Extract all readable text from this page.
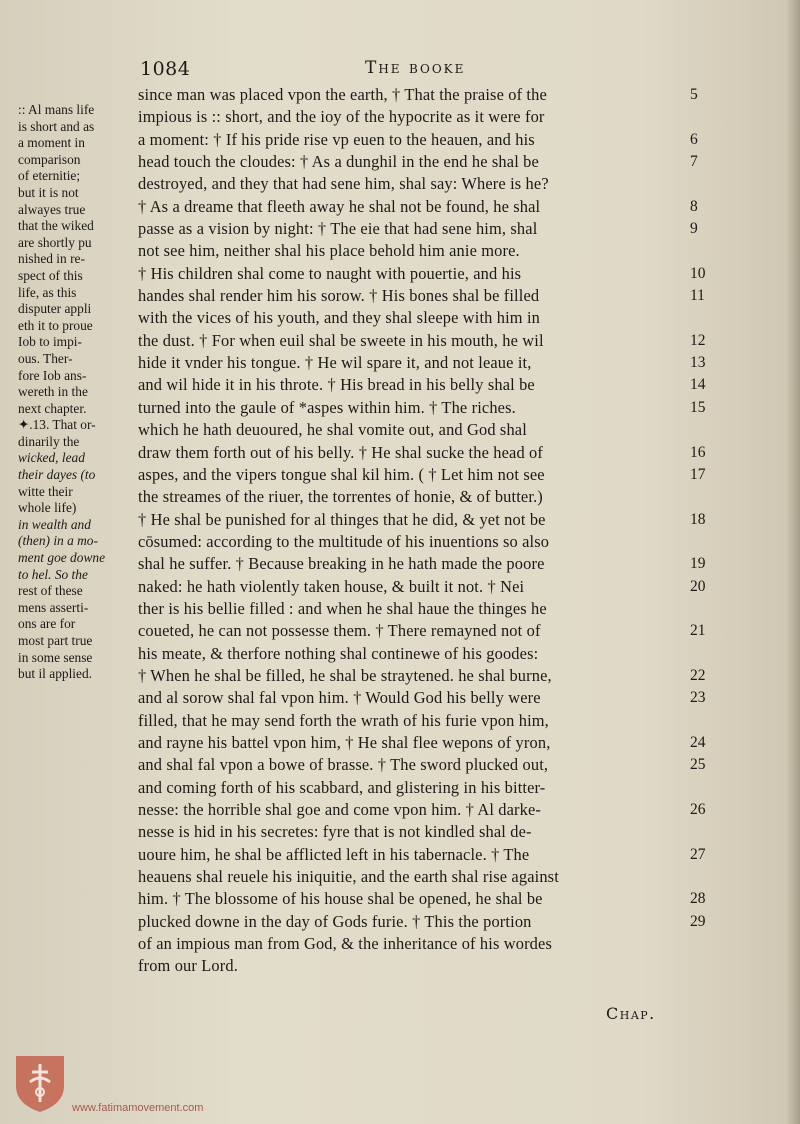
1084	The booke
:: Al mans life
is short and as
a moment in
comparison
of eternitie;
but it is not
alwayes true
that the wiked
are shortly pu
nished in re-
spect of this
life, as this
disputer appli
eth it to proue
Iob to impi-
ous. Ther-
fore Iob ans-
wereth in the
next chapter.
✦.13. That or-
dinarily the
wicked, lead
their dayes (to
witte their
whole life)
in wealth and
(then) in a mo-
ment goe downe
to hel. So the
rest of these
mens asserti-
ons are for
most part true
in some sense
but il applied.
since man was placed vpon the earth, † That the praise of the
impious is :: short, and the ioy of the hypocrite as it were for
a moment: † If his pride rise vp euen to the heauen, and his
head touch the cloudes: † As a dunghil in the end he shal be
destroyed, and they that had sene him, shal say: Where is he?
† As a dreame that fleeth away he shal not be found, he shal
passe as a vision by night: † The eie that had sene him, shal
not see him, neither shal his place behold him anie more.
† His children shal come to naught with pouertie, and his
handes shal render him his sorow. † His bones shal be filled
with the vices of his youth, and they shal sleepe with him in
the dust. † For when euil shal be sweete in his mouth, he wil
hide it vnder his tongue. † He wil spare it, and not leaue it,
and wil hide it in his throte. † His bread in his belly shal be
turned into the gaule of *aspes within him. † The riches.
which he hath deuoured, he shal vomite out, and God shal
draw them forth out of his belly. † He shal sucke the head of
aspes, and the vipers tongue shal kil him. ( † Let him not see
the streames of the riuer, the torrentes of honie, & of butter.)
† He shal be punished for al thinges that he did, & yet not be
cōsumed: according to the multitude of his inuentions so also
shal he suffer. † Because breaking in he hath made the poore
naked: he hath violently taken house, & built it not. † Nei
ther is his bellie filled : and when he shal haue the thinges he
coueted, he can not possesse them. † There remayned not of
his meate, & therfore nothing shal continewe of his goodes:
† When he shal be filled, he shal be straytened. he shal burne,
and al sorow shal fal vpon him. † Would God his belly were
filled, that he may send forth the wrath of his furie vpon him,
and rayne his battel vpon him, † He shal flee wepons of yron,
and shal fal vpon a bowe of brasse. † The sword plucked out,
and coming forth of his scabbard, and glistering in his bitter-
nesse: the horrible shal goe and come vpon him. † Al darke-
nesse is hid in his secretes: fyre that is not kindled shal de-
uoure him, he shal be afflicted left in his tabernacle. † The
heauens shal reuele his iniquitie, and the earth shal rise against
him. † The blossome of his house shal be opened, he shal be
plucked downe in the day of Gods furie. † This the portion
of an impious man from God, & the inheritance of his wordes
from our Lord.
5
6
7
8
9
10
11
12
13
14
15
16
17
18
19
20
21
22
23
24
25
26
27
28
29
Chap.
www.fatimamovement.com
